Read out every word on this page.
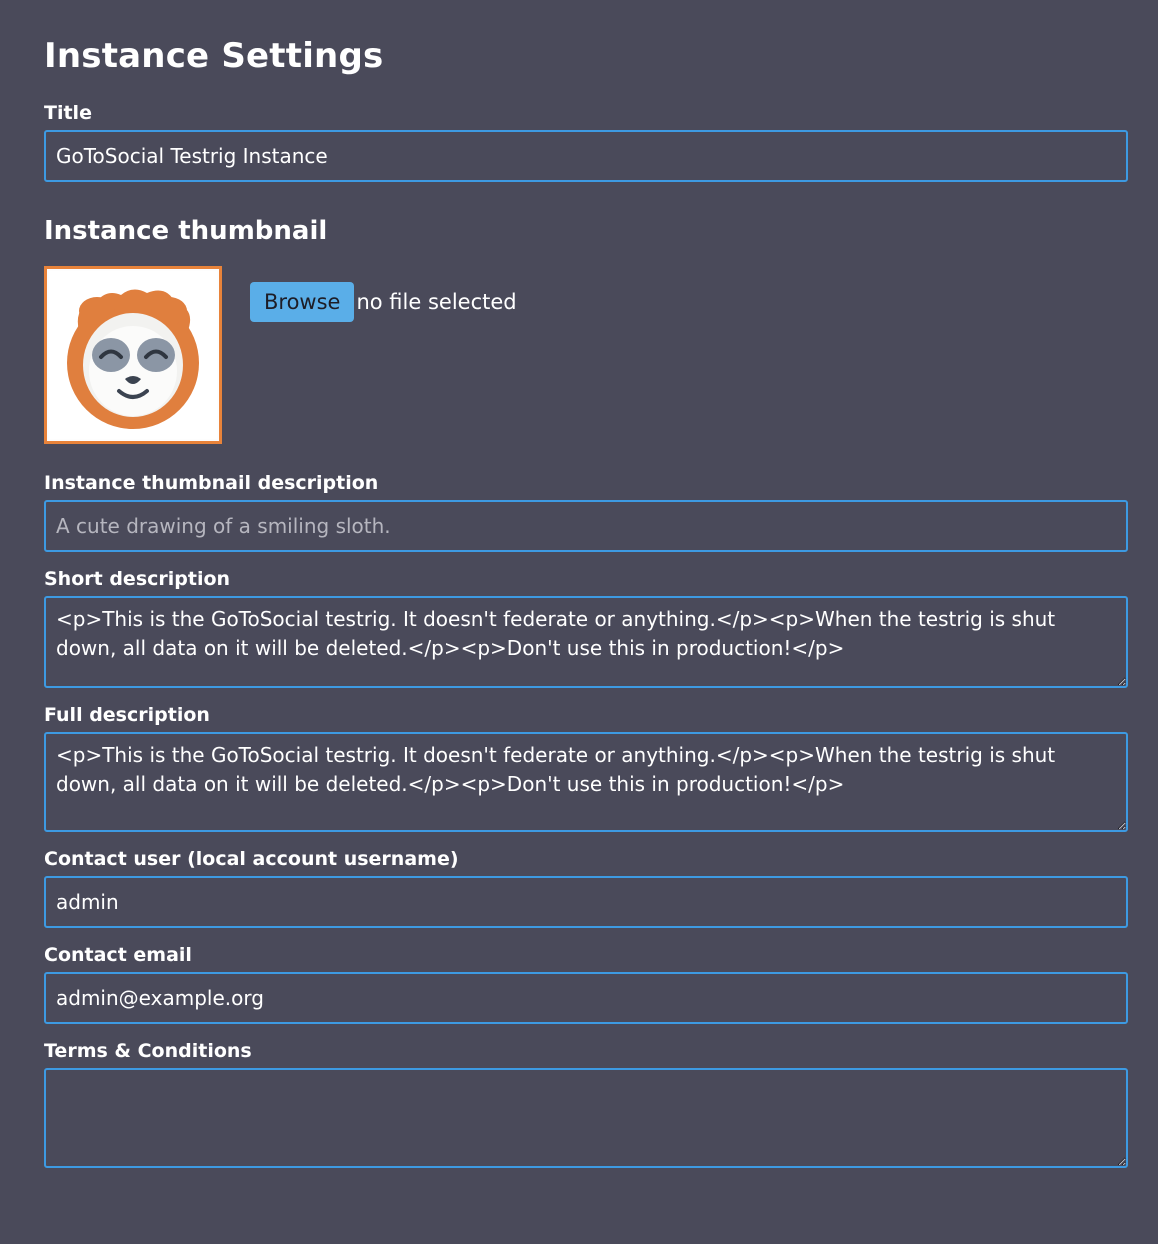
Instance Settings
Title
GoToSocial Testrig Instance
Instance thumbnail
Browse no file selected
Instance thumbnail description
A cute drawing of a smiling sloth.
Short description
<p>This is the GoToSocial testrig. It doesn't federate or anything.</p><p>When the testrig is shut down, all data on it will be deleted.</p><p>Don't use this in production!</p>
Full description
<p>This is the GoToSocial testrig. It doesn't federate or anything.</p><p>When the testrig is shut down, all data on it will be deleted.</p><p>Don't use this in production!</p>
Contact user (local account username)
admin
Contact email
admin@example.org
Terms & Conditions
